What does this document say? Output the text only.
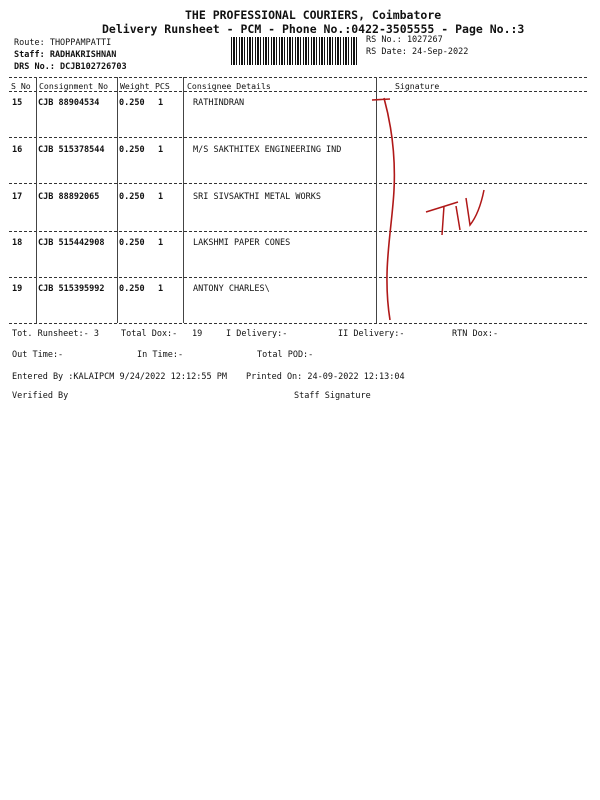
THE PROFESSIONAL COURIERS, Coimbatore
Delivery Runsheet - PCM - Phone No.:0422-3505555 - Page No.:3
Route: THOPPAMPATTI
Staff: RADHAKRISHNAN
DRS No.: DCJB102726703
RS No.: 1027267
RS Date: 24-Sep-2022
S No Consignment No Weight PCS Consignee Details	Signature
15 CJB 88904534 0.250 1	RATHINDRAN
16 CJB 515378544 0.250 1	M/S SAKTHITEX ENGINEERING IND
17 CJB 88892065 0.250 1	SRI SIVSAKTHI METAL WORKS
18 CJB 515442908 0.250 1	LAKSHMI PAPER CONES
19 CJB 515395992 0.250 1	ANTONY CHARLES\
Tot. Runsheet:- 3	Total Dox:- 19	I Delivery:-	II Delivery:-	RTN Dox:-
Out Time:-	In Time:-	Total POD:-
Entered By :KALAIPCM 9/24/2022 12:12:55 PM Printed On: 24-09-2022 12:13:04
Verified By	Staff Signature
